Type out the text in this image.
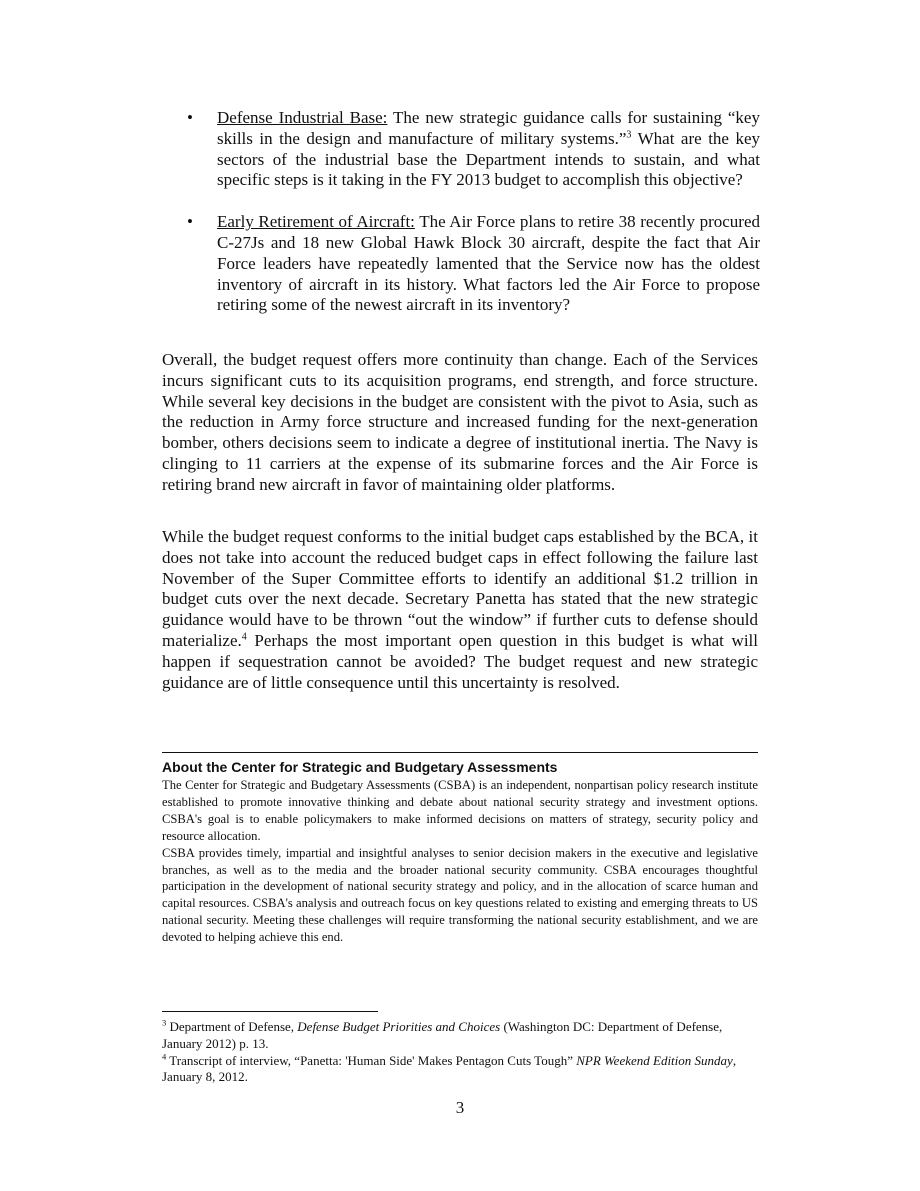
• Defense Industrial Base: The new strategic guidance calls for sustaining “key skills in the design and manufacture of military systems.”$^3$ What are the key sectors of the industrial base the Department intends to sustain, and what specific steps is it taking in the FY 2013 budget to accomplish this objective?
• Early Retirement of Aircraft: The Air Force plans to retire 38 recently procured C-27Js and 18 new Global Hawk Block 30 aircraft, despite the fact that Air Force leaders have repeatedly lamented that the Service now has the oldest inventory of aircraft in its history. What factors led the Air Force to propose retiring some of the newest aircraft in its inventory?

Overall, the budget request offers more continuity than change. Each of the Services incurs significant cuts to its acquisition programs, end strength, and force structure. While several key decisions in the budget are consistent with the pivot to Asia, such as the reduction in Army force structure and increased funding for the next-generation bomber, others decisions seem to indicate a degree of institutional inertia. The Navy is clinging to 11 carriers at the expense of its submarine forces and the Air Force is retiring brand new aircraft in favor of maintaining older platforms.

While the budget request conforms to the initial budget caps established by the BCA, it does not take into account the reduced budget caps in effect following the failure last November of the Super Committee efforts to identify an additional $1.2 trillion in budget cuts over the next decade. Secretary Panetta has stated that the new strategic guidance would have to be thrown “out the window” if further cuts to defense should materialize.$^4$ Perhaps the most important open question in this budget is what will happen if sequestration cannot be avoided? The budget request and new strategic guidance are of little consequence until this uncertainty is resolved.

About the Center for Strategic and Budgetary Assessments

The Center for Strategic and Budgetary Assessments (CSBA) is an independent, nonpartisan policy research institute established to promote innovative thinking and debate about national security strategy and investment options. CSBA's goal is to enable policymakers to make informed decisions on matters of strategy, security policy and resource allocation.

CSBA provides timely, impartial and insightful analyses to senior decision makers in the executive and legislative branches, as well as to the media and the broader national security community. CSBA encourages thoughtful participation in the development of national security strategy and policy, and in the allocation of scarce human and capital resources. CSBA's analysis and outreach focus on key questions related to existing and emerging threats to US national security. Meeting these challenges will require transforming the national security establishment, and we are devoted to helping achieve this end.

$^3$ Department of Defense, Defense Budget Priorities and Choices (Washington DC: Department of Defense, January 2012) p. 13.

$^4$ Transcript of interview, “Panetta: 'Human Side' Makes Pentagon Cuts Tough” NPR Weekend Edition Sunday, January 8, 2012.

3
